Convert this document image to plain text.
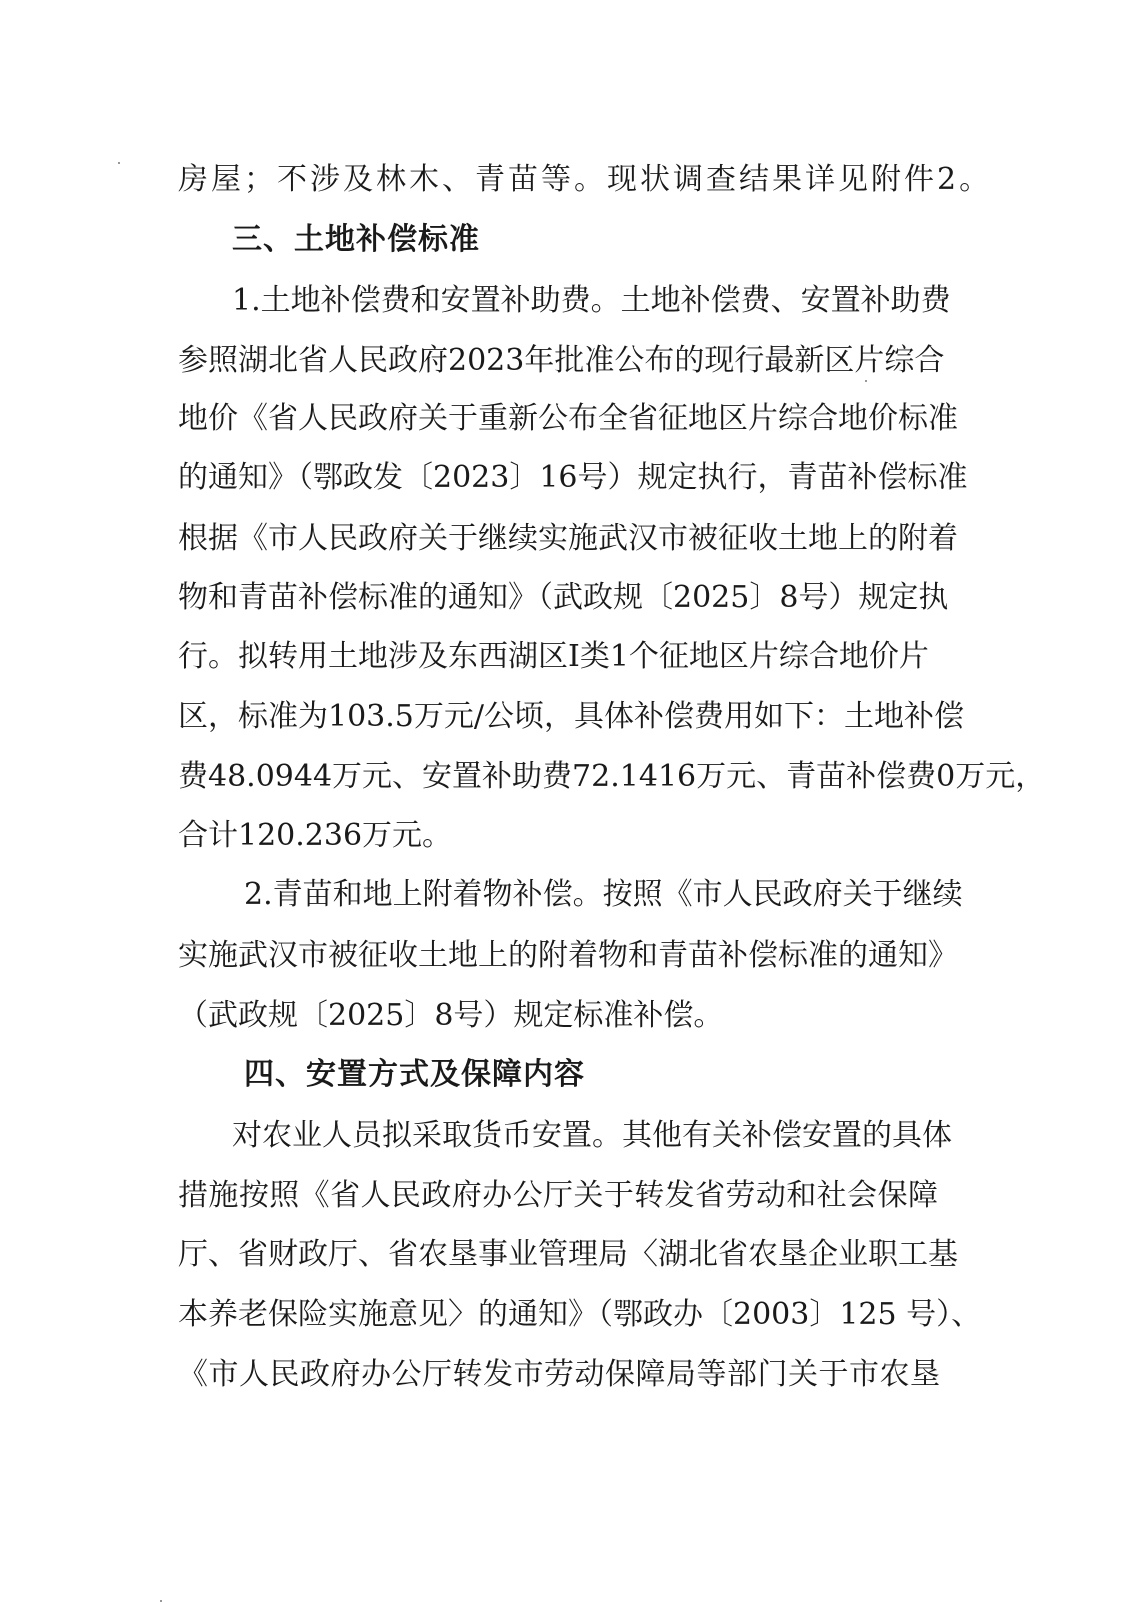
房屋；不涉及林木、青苗等。现状调查结果详见附件2。
三、土地补偿标准
1.土地补偿费和安置补助费。土地补偿费、安置补助费
参照湖北省人民政府2023年批准公布的现行最新区片综合
地价《省人民政府关于重新公布全省征地区片综合地价标准
的通知》（鄂政发〔2023〕16号）规定执行，青苗补偿标准
根据《市人民政府关于继续实施武汉市被征收土地上的附着
物和青苗补偿标准的通知》（武政规〔2025〕8号）规定执
行。拟转用土地涉及东西湖区Ⅰ类1个征地区片综合地价片
区，标准为103.5万元/公顷，具体补偿费用如下：土地补偿
费48.0944万元、安置补助费72.1416万元、青苗补偿费0万元，
合计120.236万元。
2.青苗和地上附着物补偿。按照《市人民政府关于继续
实施武汉市被征收土地上的附着物和青苗补偿标准的通知》
（武政规〔2025〕8号）规定标准补偿。
四、安置方式及保障内容
对农业人员拟采取货币安置。其他有关补偿安置的具体
措施按照《省人民政府办公厅关于转发省劳动和社会保障
厅、省财政厅、省农垦事业管理局〈湖北省农垦企业职工基
本养老保险实施意见〉的通知》（鄂政办〔2003〕125 号）、
《市人民政府办公厅转发市劳动保障局等部门关于市农垦
